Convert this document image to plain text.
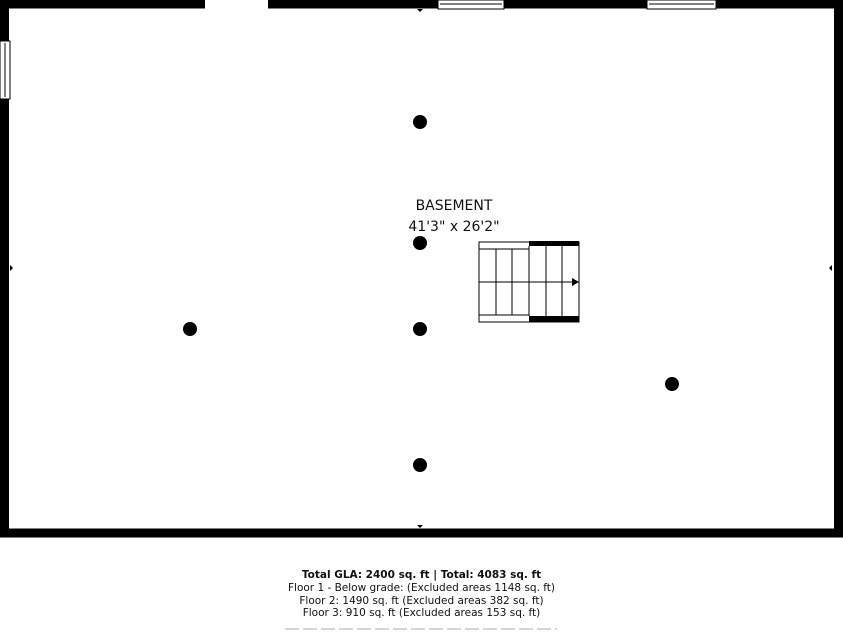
BASEMENT
41'3" x 26'2"
Total GLA: 2400 sq. ft | Total: 4083 sq. ft
Floor 1 - Below grade: (Excluded areas 1148 sq. ft)
Floor 2: 1490 sq. ft (Excluded areas 382 sq. ft)
Floor 3: 910 sq. ft (Excluded areas 153 sq. ft)
